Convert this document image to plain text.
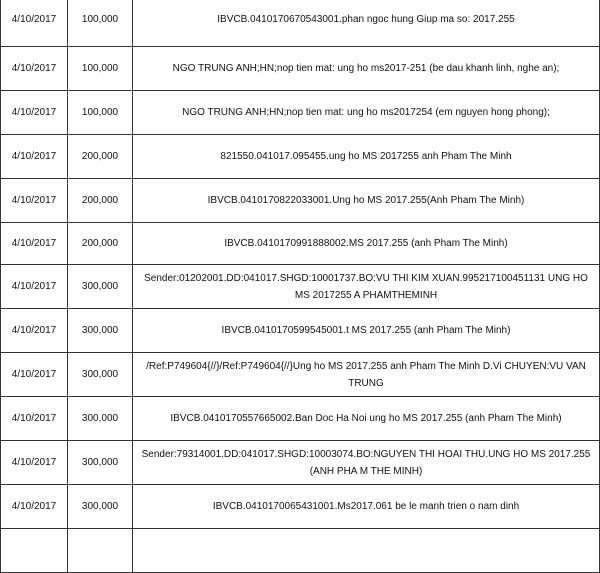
4/10/2017	100,000	IBVCB.0410170670543001.phan ngoc hung Giup ma so: 2017.255
4/10/2017	100,000	NGO TRUNG ANH;HN;nop tien mat: ung ho ms2017-251 (be dau khanh linh, nghe an);
4/10/2017	100,000	NGO TRUNG ANH;HN;nop tien mat: ung ho ms2017254 (em nguyen hong phong);
4/10/2017	200,000	821550.041017.095455.ung ho MS 2017255 anh Pham The Minh
4/10/2017	200,000	IBVCB.0410170822033001.Ung ho MS 2017.255(Anh Pham The Minh)
4/10/2017	200,000	IBVCB.0410170991888002.MS 2017.255 (anh Pham The Minh)
4/10/2017	300,000	Sender:01202001.DD:041017.SHGD:10001737.BO:VU THI KIM XUAN.995217100451131 UNG HO MS 2017255 A PHAMTHEMINH
4/10/2017	300,000	IBVCB.0410170599545001.t MS 2017.255 (anh Pham The Minh)
4/10/2017	300,000	/Ref:P749604{//}/Ref:P749604{//}Ung ho MS 2017.255 anh Pham The Minh D.Vi CHUYEN:VU VAN TRUNG
4/10/2017	300,000	IBVCB.0410170557665002.Ban Doc Ha Noi ung ho MS 2017.255 (anh Pham The Minh)
4/10/2017	300,000	Sender:79314001.DD:041017.SHGD:10003074.BO:NGUYEN THI HOAI THU.UNG HO MS 2017.255 (ANH PHA M THE MINH)
4/10/2017	300,000	IBVCB.0410170065431001.Ms2017.061 be le manh trien o nam dinh
